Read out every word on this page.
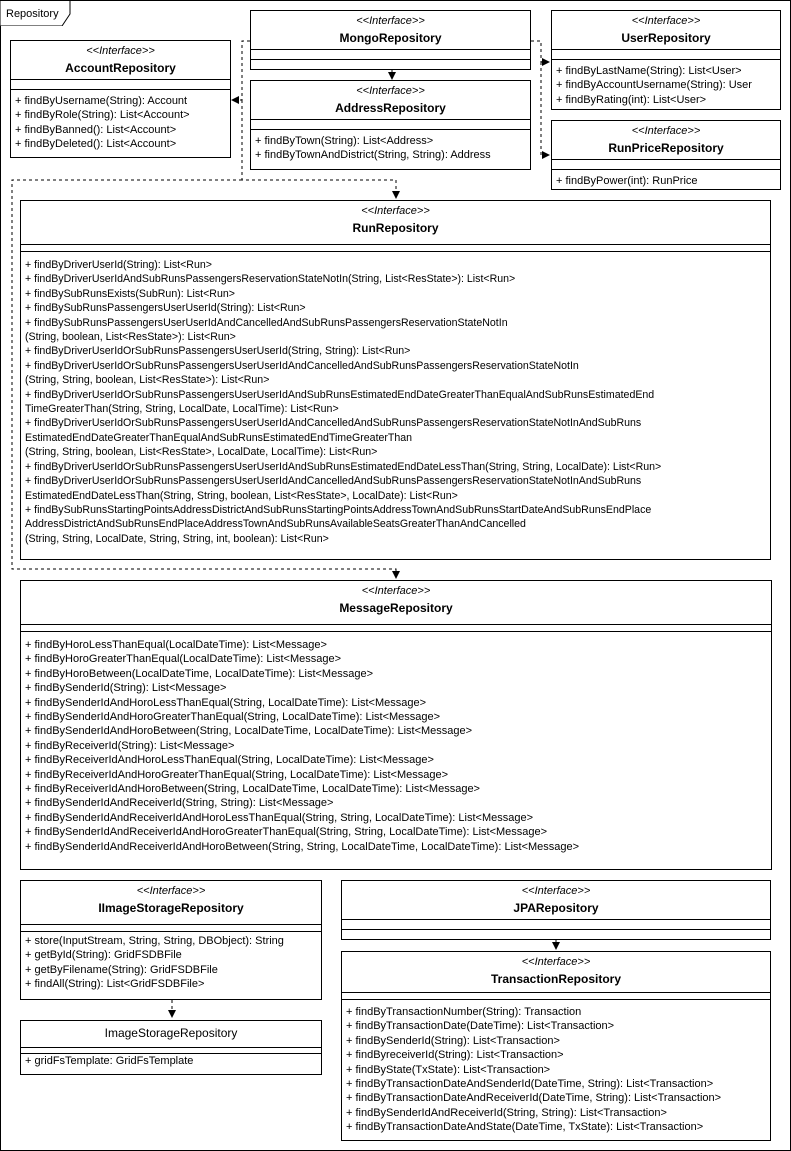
Repository
<<Interface>>
MongoRepository
<<Interface>>
UserRepository
+ findByLastName(String): List<User>
+ findByAccountUsername(String): User
+ findByRating(int): List<User>
<<Interface>>
AccountRepository
+ findByUsername(String): Account
+ findByRole(String): List<Account>
+ findByBanned(): List<Account>
+ findByDeleted(): List<Account>
<<Interface>>
AddressRepository
+ findByTown(String): List<Address>
+ findByTownAndDistrict(String, String): Address
<<Interface>>
RunPriceRepository
+ findByPower(int): RunPrice
<<Interface>>
RunRepository
+ findByDriverUserId(String): List<Run>
+ findByDriverUserIdAndSubRunsPassengersReservationStateNotIn(String, List<ResState>): List<Run>
+ findBySubRunsExists(SubRun): List<Run>
+ findBySubRunsPassengersUserUserId(String): List<Run>
+ findBySubRunsPassengersUserUserIdAndCancelledAndSubRunsPassengersReservationStateNotIn
(String, boolean, List<ResState>): List<Run>
+ findByDriverUserIdOrSubRunsPassengersUserUserId(String, String): List<Run>
+ findByDriverUserIdOrSubRunsPassengersUserUserIdAndCancelledAndSubRunsPassengersReservationStateNotIn
(String, String, boolean, List<ResState>): List<Run>
+ findByDriverUserIdOrSubRunsPassengersUserUserIdAndSubRunsEstimatedEndDateGreaterThanEqualAndSubRunsEstimatedEnd
TimeGreaterThan(String, String, LocalDate, LocalTime): List<Run>
+ findByDriverUserIdOrSubRunsPassengersUserUserIdAndCancelledAndSubRunsPassengersReservationStateNotInAndSubRuns
EstimatedEndDateGreaterThanEqualAndSubRunsEstimatedEndTimeGreaterThan
(String, String, boolean, List<ResState>, LocalDate, LocalTime): List<Run>
+ findByDriverUserIdOrSubRunsPassengersUserUserIdAndSubRunsEstimatedEndDateLessThan(String, String, LocalDate): List<Run>
+ findByDriverUserIdOrSubRunsPassengersUserUserIdAndCancelledAndSubRunsPassengersReservationStateNotInAndSubRuns
EstimatedEndDateLessThan(String, String, boolean, List<ResState>, LocalDate): List<Run>
+ findBySubRunsStartingPointsAddressDistrictAndSubRunsStartingPointsAddressTownAndSubRunsStartDateAndSubRunsEndPlace
AddressDistrictAndSubRunsEndPlaceAddressTownAndSubRunsAvailableSeatsGreaterThanAndCancelled
(String, String, LocalDate, String, String, int, boolean): List<Run>
<<Interface>>
MessageRepository
+ findByHoroLessThanEqual(LocalDateTime): List<Message>
+ findByHoroGreaterThanEqual(LocalDateTime): List<Message>
+ findByHoroBetween(LocalDateTime, LocalDateTime): List<Message>
+ findBySenderId(String): List<Message>
+ findBySenderIdAndHoroLessThanEqual(String, LocalDateTime): List<Message>
+ findBySenderIdAndHoroGreaterThanEqual(String, LocalDateTime): List<Message>
+ findBySenderIdAndHoroBetween(String, LocalDateTime, LocalDateTime): List<Message>
+ findByReceiverId(String): List<Message>
+ findByReceiverIdAndHoroLessThanEqual(String, LocalDateTime): List<Message>
+ findByReceiverIdAndHoroGreaterThanEqual(String, LocalDateTime): List<Message>
+ findByReceiverIdAndHoroBetween(String, LocalDateTime, LocalDateTime): List<Message>
+ findBySenderIdAndReceiverId(String, String): List<Message>
+ findBySenderIdAndReceiverIdAndHoroLessThanEqual(String, String, LocalDateTime): List<Message>
+ findBySenderIdAndReceiverIdAndHoroGreaterThanEqual(String, String, LocalDateTime): List<Message>
+ findBySenderIdAndReceiverIdAndHoroBetween(String, String, LocalDateTime, LocalDateTime): List<Message>
<<Interface>>
IImageStorageRepository
+ store(InputStream, String, String, DBObject): String
+ getById(String): GridFSDBFile
+ getByFilename(String): GridFSDBFile
+ findAll(String): List<GridFSDBFile>
ImageStorageRepository
+ gridFsTemplate: GridFsTemplate
<<Interface>>
JPARepository
<<Interface>>
TransactionRepository
+ findByTransactionNumber(String): Transaction
+ findByTransactionDate(DateTime): List<Transaction>
+ findBySenderId(String): List<Transaction>
+ findByreceiverId(String): List<Transaction>
+ findByState(TxState): List<Transaction>
+ findByTransactionDateAndSenderId(DateTime, String): List<Transaction>
+ findByTransactionDateAndReceiverId(DateTime, String): List<Transaction>
+ findBySenderIdAndReceiverId(String, String): List<Transaction>
+ findByTransactionDateAndState(DateTime, TxState): List<Transaction>
